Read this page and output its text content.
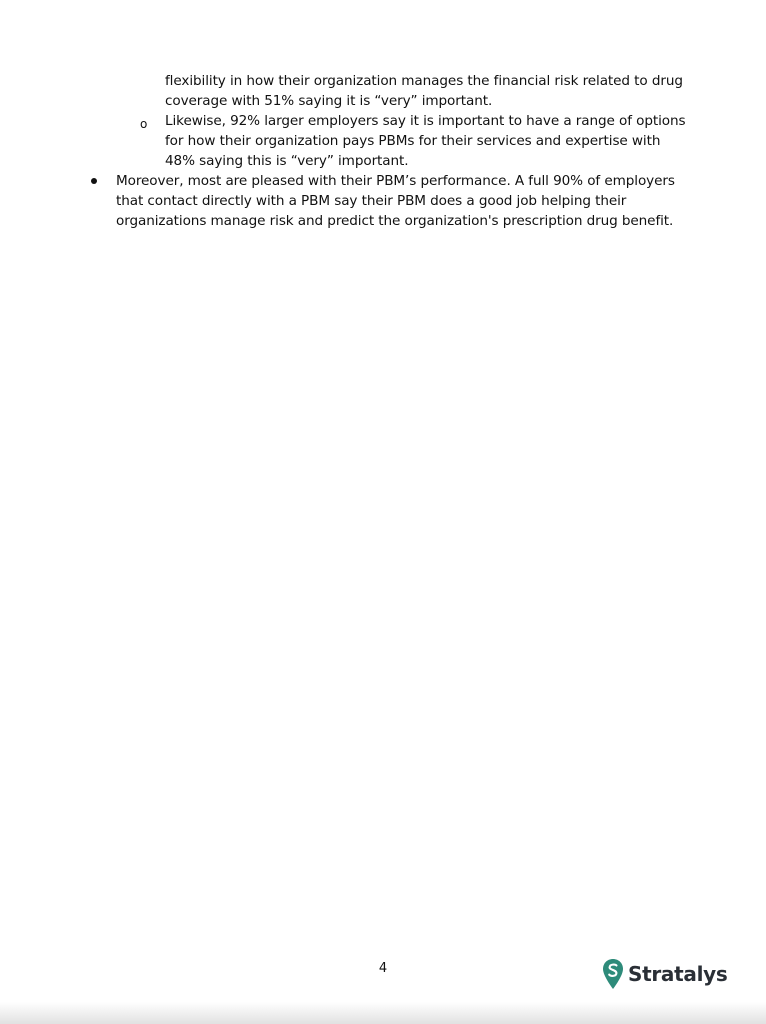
flexibility in how their organization manages the financial risk related to drug
coverage with 51% saying it is “very” important.
o Likewise, 92% larger employers say it is important to have a range of options
for how their organization pays PBMs for their services and expertise with
48% saying this is “very” important.
Moreover, most are pleased with their PBM’s performance. A full 90% of employers
that contact directly with a PBM say their PBM does a good job helping their
organizations manage risk and predict the organization's prescription drug benefit.
4	Stratalys
